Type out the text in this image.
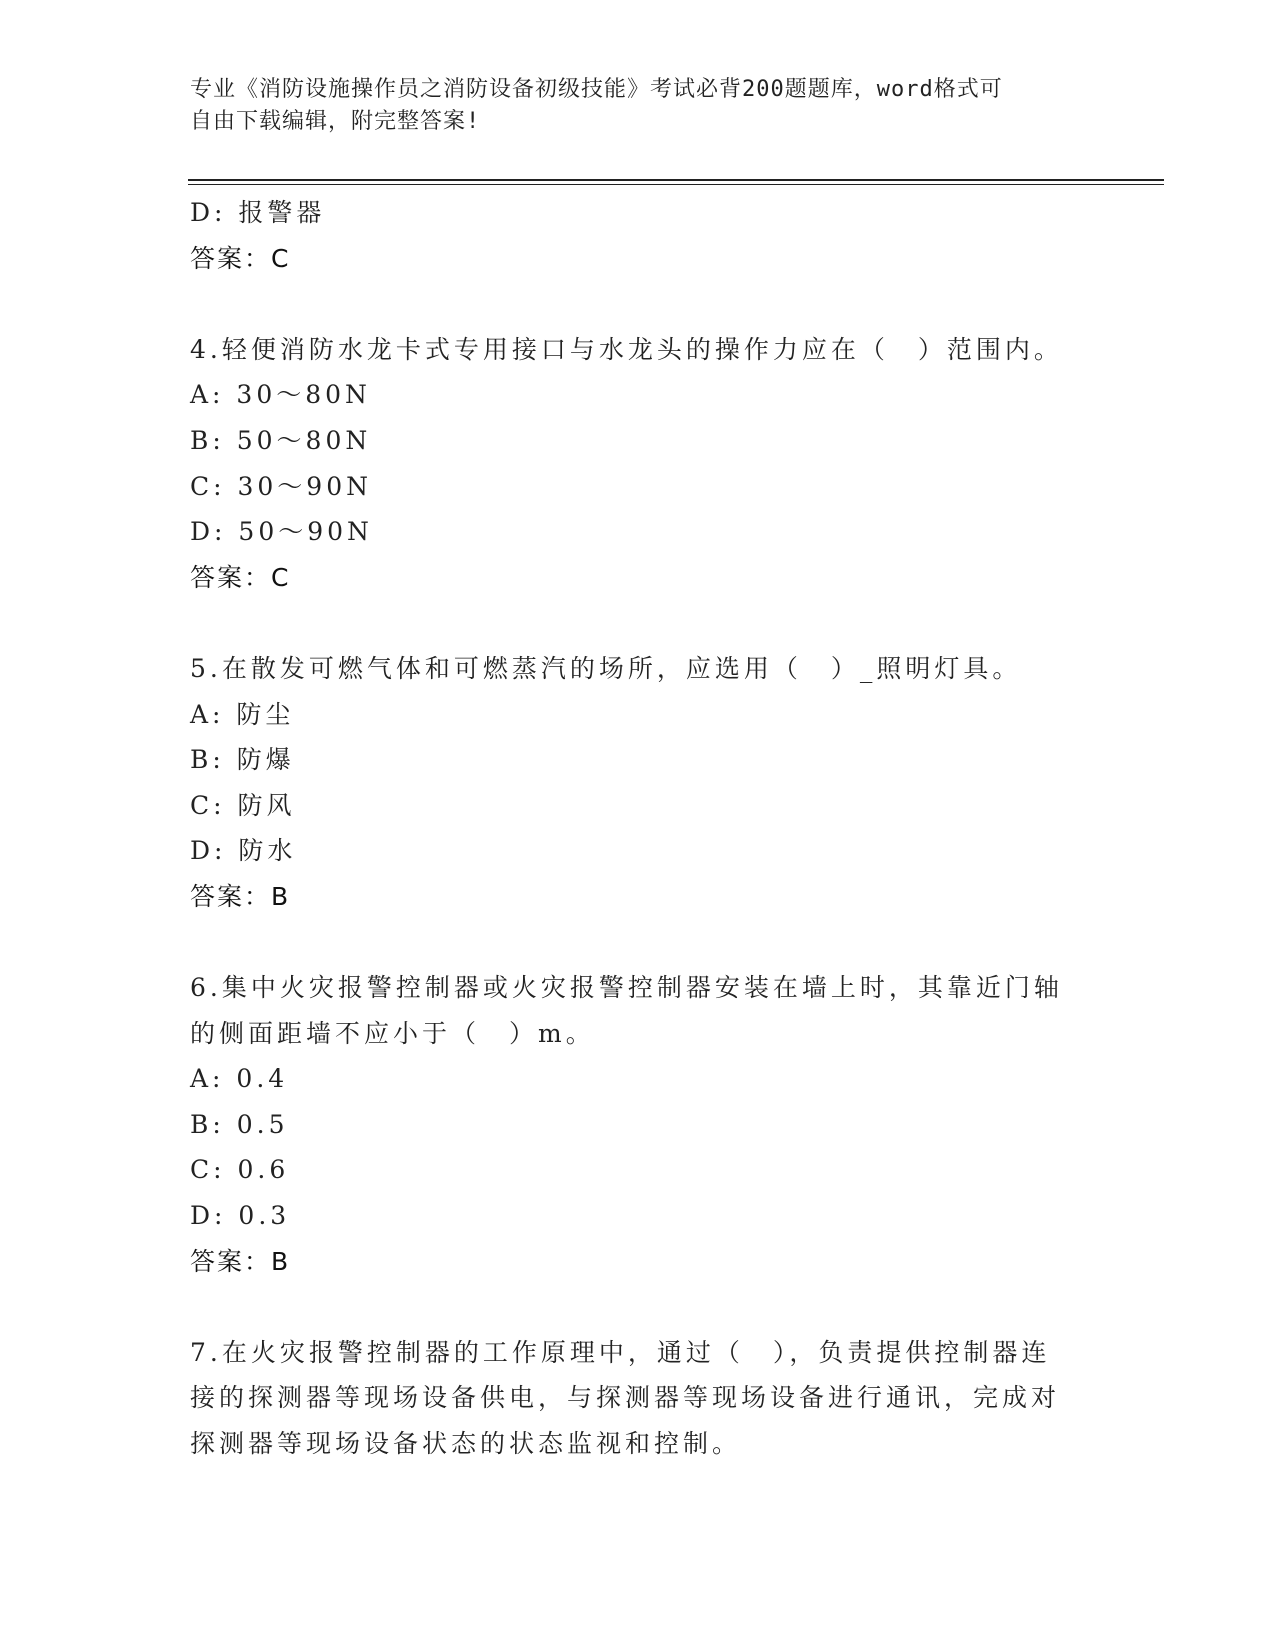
专业《消防设施操作员之消防设备初级技能》考试必背200题题库，word格式可
自由下载编辑，附完整答案!
D: 报警器
答案：C
4.轻便消防水龙卡式专用接口与水龙头的操作力应在（　）范围内。
A: 30～80N
B: 50～80N
C: 30～90N
D: 50～90N
答案：C
5.在散发可燃气体和可燃蒸汽的场所，应选用（　）_照明灯具。
A: 防尘
B: 防爆
C: 防风
D: 防水
答案：B
6.集中火灾报警控制器或火灾报警控制器安装在墙上时，其靠近门轴
的侧面距墙不应小于（　）m。
A: 0.4
B: 0.5
C: 0.6
D: 0.3
答案：B
7.在火灾报警控制器的工作原理中，通过（　），负责提供控制器连
接的探测器等现场设备供电，与探测器等现场设备进行通讯，完成对
探测器等现场设备状态的状态监视和控制。
